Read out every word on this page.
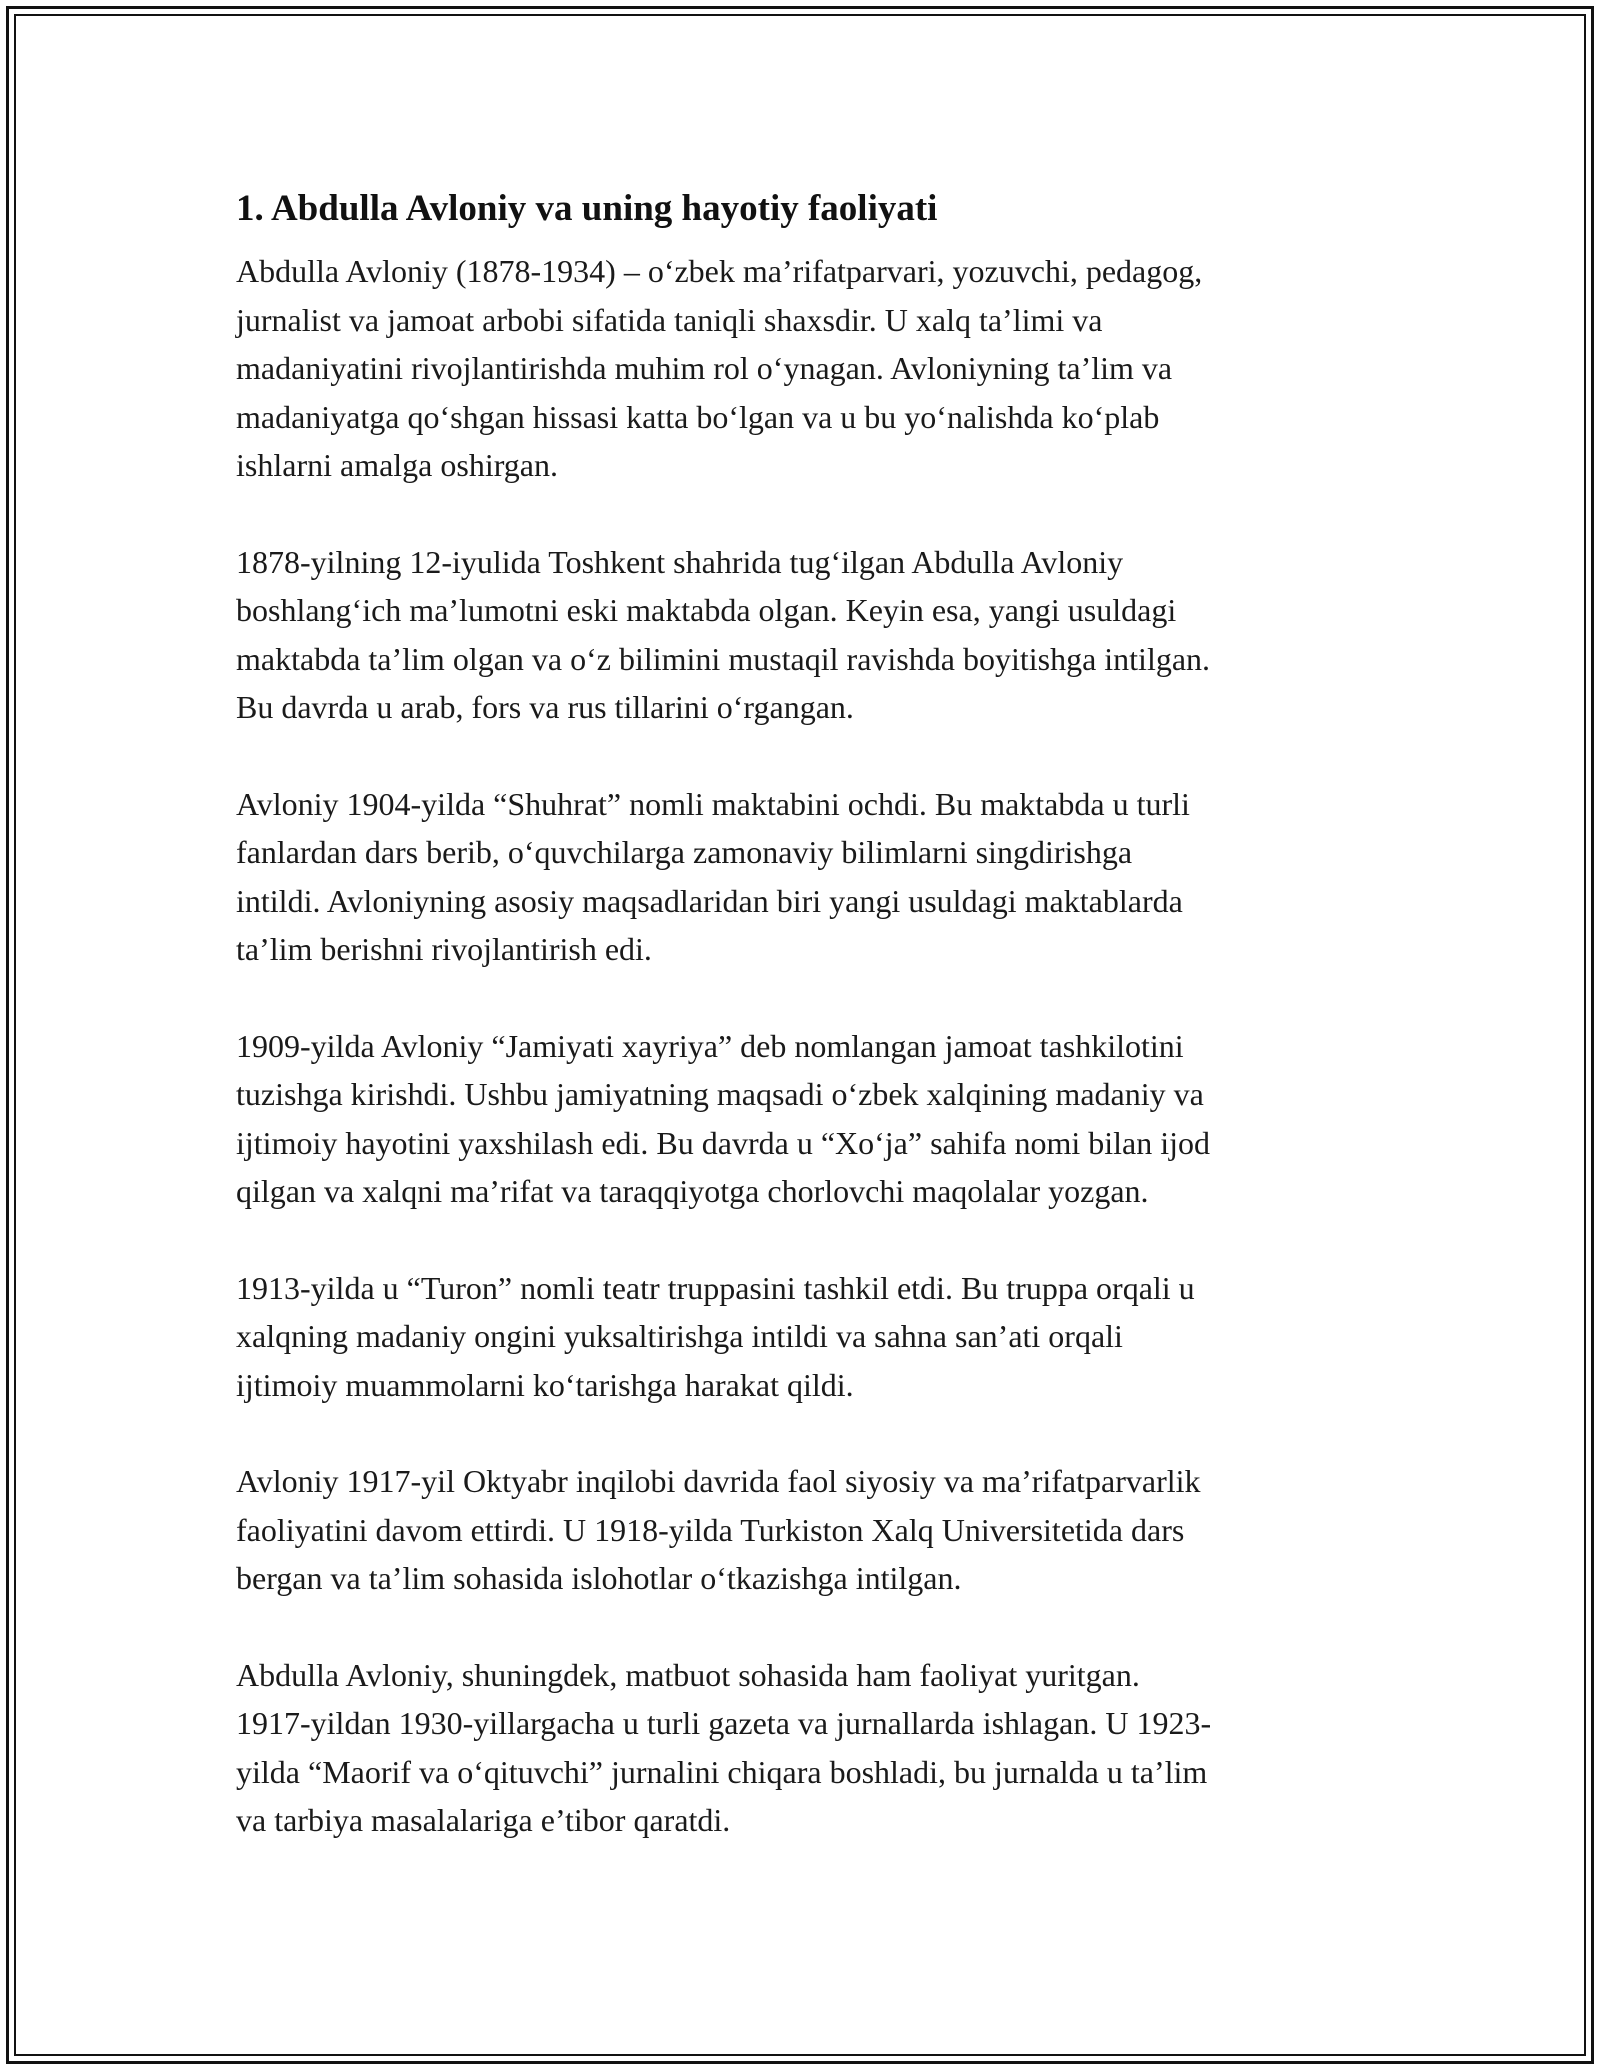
1. Abdulla Avloniy va uning hayotiy faoliyati

Abdulla Avloniy (1878-1934) – o‘zbek ma’rifatparvari, yozuvchi, pedagog,
jurnalist va jamoat arbobi sifatida taniqli shaxsdir. U xalq ta’limi va
madaniyatini rivojlantirishda muhim rol o‘ynagan. Avloniyning ta’lim va
madaniyatga qo‘shgan hissasi katta bo‘lgan va u bu yo‘nalishda ko‘plab
ishlarni amalga oshirgan.

1878-yilning 12-iyulida Toshkent shahrida tug‘ilgan Abdulla Avloniy
boshlang‘ich ma’lumotni eski maktabda olgan. Keyin esa, yangi usuldagi
maktabda ta’lim olgan va o‘z bilimini mustaqil ravishda boyitishga intilgan.
Bu davrda u arab, fors va rus tillarini o‘rgangan.

Avloniy 1904-yilda “Shuhrat” nomli maktabini ochdi. Bu maktabda u turli
fanlardan dars berib, o‘quvchilarga zamonaviy bilimlarni singdirishga
intildi. Avloniyning asosiy maqsadlaridan biri yangi usuldagi maktablarda
ta’lim berishni rivojlantirish edi.

1909-yilda Avloniy “Jamiyati xayriya” deb nomlangan jamoat tashkilotini
tuzishga kirishdi. Ushbu jamiyatning maqsadi o‘zbek xalqining madaniy va
ijtimoiy hayotini yaxshilash edi. Bu davrda u “Xo‘ja” sahifa nomi bilan ijod
qilgan va xalqni ma’rifat va taraqqiyotga chorlovchi maqolalar yozgan.

1913-yilda u “Turon” nomli teatr truppasini tashkil etdi. Bu truppa orqali u
xalqning madaniy ongini yuksaltirishga intildi va sahna san’ati orqali
ijtimoiy muammolarni ko‘tarishga harakat qildi.

Avloniy 1917-yil Oktyabr inqilobi davrida faol siyosiy va ma’rifatparvarlik
faoliyatini davom ettirdi. U 1918-yilda Turkiston Xalq Universitetida dars
bergan va ta’lim sohasida islohotlar o‘tkazishga intilgan.

Abdulla Avloniy, shuningdek, matbuot sohasida ham faoliyat yuritgan.
1917-yildan 1930-yillargacha u turli gazeta va jurnallarda ishlagan. U 1923-
yilda “Maorif va o‘qituvchi” jurnalini chiqara boshladi, bu jurnalda u ta’lim
va tarbiya masalalariga e’tibor qaratdi.
